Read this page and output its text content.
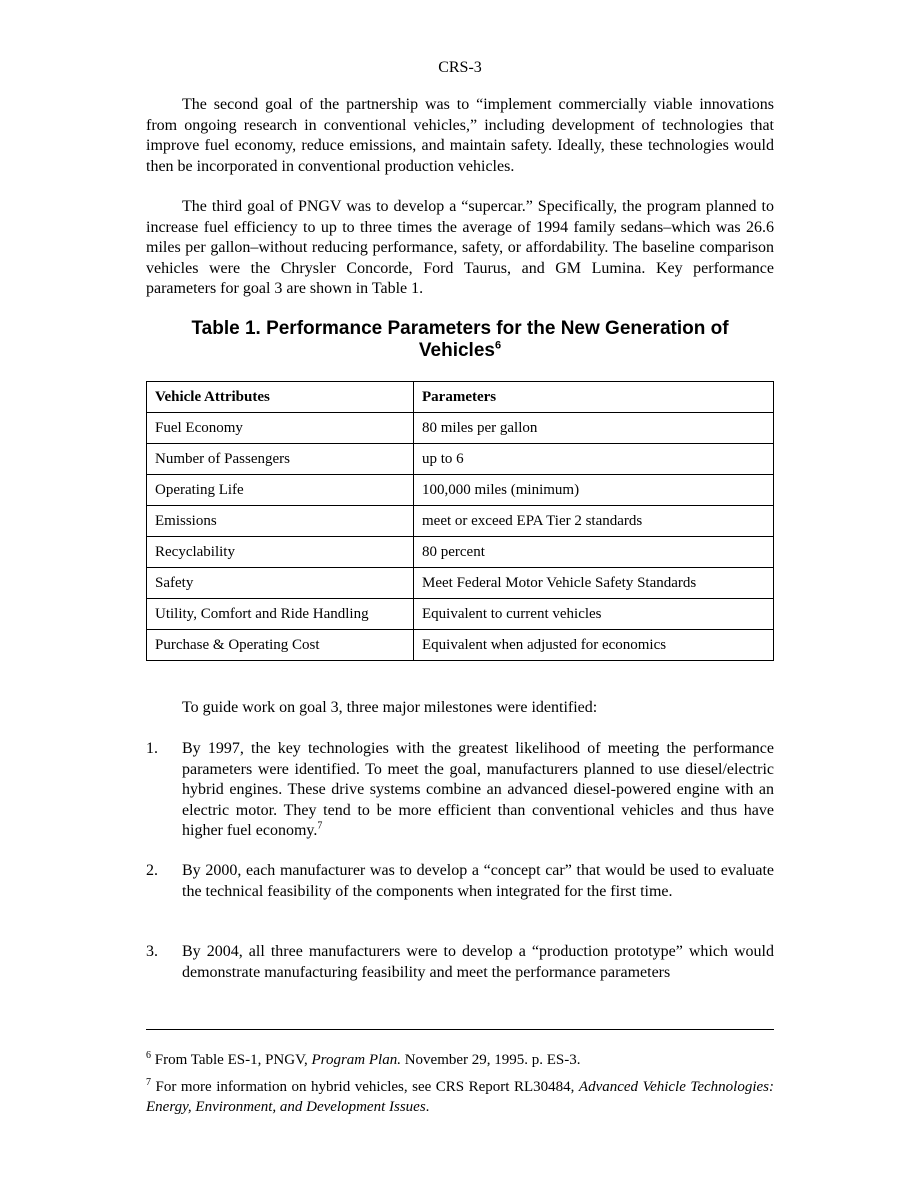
CRS-3

The second goal of the partnership was to “implement commercially viable innovations from ongoing research in conventional vehicles,” including development of technologies that improve fuel economy, reduce emissions, and maintain safety. Ideally, these technologies would then be incorporated in conventional production vehicles.

The third goal of PNGV was to develop a “supercar.” Specifically, the program planned to increase fuel efficiency to up to three times the average of 1994 family sedans–which was 26.6 miles per gallon–without reducing performance, safety, or affordability. The baseline comparison vehicles were the Chrysler Concorde, Ford Taurus, and GM Lumina. Key performance parameters for goal 3 are shown in Table 1.

Table 1. Performance Parameters for the New Generation of
Vehicles$^6$
Vehicle Attributes	Parameters
Fuel Economy	80 miles per gallon
Number of Passengers	up to 6
Operating Life	100,000 miles (minimum)
Emissions	meet or exceed EPA Tier 2 standards
Recyclability	80 percent
Safety	Meet Federal Motor Vehicle Safety Standards
Utility, Comfort and Ride Handling	Equivalent to current vehicles
Purchase & Operating Cost	Equivalent when adjusted for economics

To guide work on goal 3, three major milestones were identified:

1.	By 1997, the key technologies with the greatest likelihood of meeting the performance parameters were identified. To meet the goal, manufacturers planned to use diesel/electric hybrid engines. These drive systems combine an advanced diesel-powered engine with an electric motor. They tend to be more efficient than conventional vehicles and thus have higher fuel economy.$^7$
2.	By 2000, each manufacturer was to develop a “concept car” that would be used to evaluate the technical feasibility of the components when integrated for the first time.
3.	By 2004, all three manufacturers were to develop a “production prototype” which would demonstrate manufacturing feasibility and meet the performance parameters

$^6$ From Table ES-1, PNGV, Program Plan. November 29, 1995. p. ES-3.

$^7$ For more information on hybrid vehicles, see CRS Report RL30484, Advanced Vehicle Technologies: Energy, Environment, and Development Issues.
